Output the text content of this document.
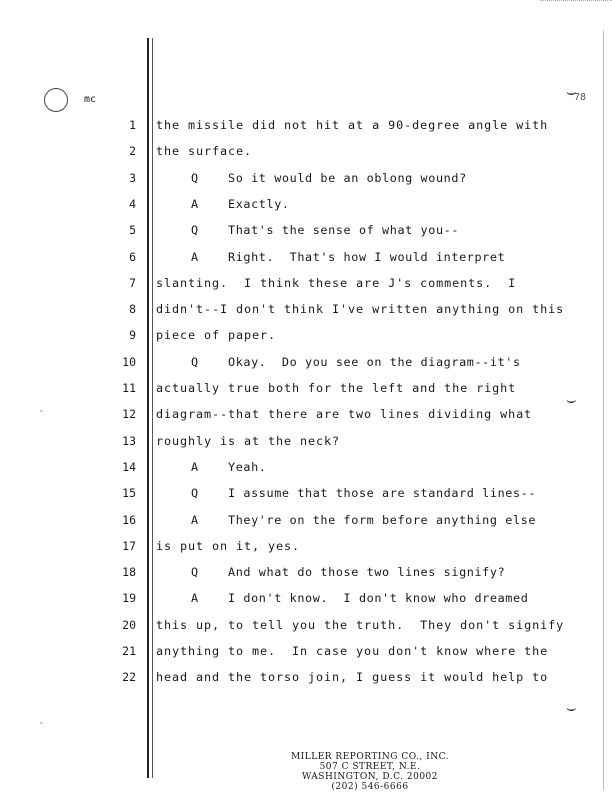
mc	⌣
78
⌣
⌣
ˎ
ˎ
1 the missile did not hit at a 90-degree angle with
2 the surface.
3	Q	So it would be an oblong wound?
4	A	Exactly.
5	Q	That's the sense of what you--
6	A	Right.  That's how I would interpret
7 slanting.  I think these are J's comments.  I
8 didn't--I don't think I've written anything on this
9 piece of paper.
10	Q	Okay.  Do you see on the diagram--it's
11 actually true both for the left and the right
12 diagram--that there are two lines dividing what
13 roughly is at the neck?
14	A	Yeah.
15	Q	I assume that those are standard lines--
16	A	They're on the form before anything else
17 is put on it, yes.
18	Q	And what do those two lines signify?
19	A	I don't know.  I don't know who dreamed
20 this up, to tell you the truth.  They don't signify
21 anything to me.  In case you don't know where the
22 head and the torso join, I guess it would help to
MILLER REPORTING CO., INC.
507 C STREET, N.E.
WASHINGTON, D.C. 20002
(202) 546-6666
